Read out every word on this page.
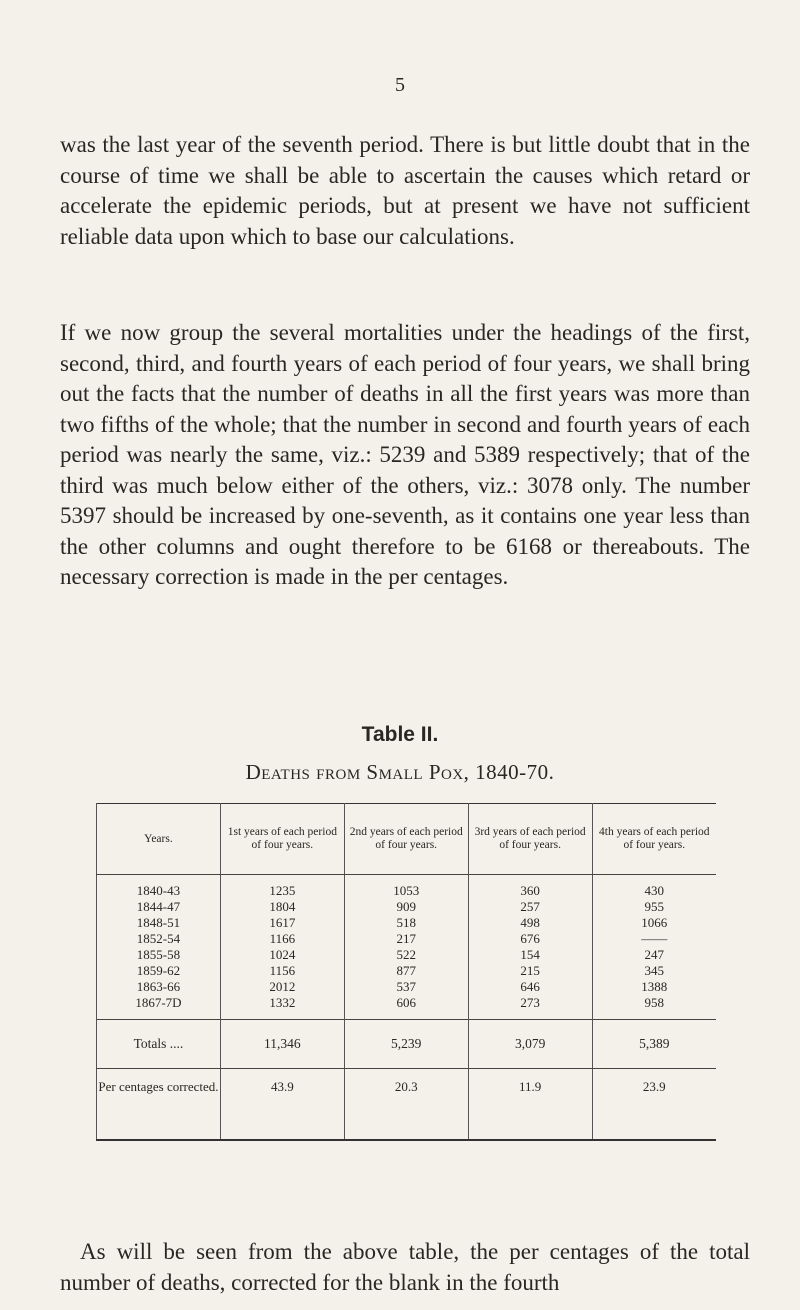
5

was the last year of the seventh period. There is but little doubt that in the course of time we shall be able to ascertain the causes which retard or accelerate the epidemic periods, but at present we have not sufficient reliable data upon which to base our calculations.

If we now group the several mortalities under the headings of the first, second, third, and fourth years of each period of four years, we shall bring out the facts that the number of deaths in all the first years was more than two fifths of the whole; that the number in second and fourth years of each period was nearly the same, viz.: 5239 and 5389 respectively; that of the third was much below either of the others, viz.: 3078 only. The number 5397 should be increased by one-seventh, as it contains one year less than the other columns and ought therefore to be 6168 or thereabouts. The necessary correction is made in the per centages.

Table II.
Deaths from Small Pox, 1840-70.
Years.	1st years of each period of four years.	2nd years of each period of four years.	3rd years of each period of four years.	4th years of each period of four years.
1840-43	1235	1053	360	430
1844-47	1804	909	257	955
1848-51	1617	518	498	1066
1852-54	1166	217	676	——
1855-58	1024	522	154	247
1859-62	1156	877	215	345
1863-66	2012	537	646	1388
1867-7D	1332	606	273	958
Totals ....	11,346	5,239	3,079	5,389
Per centages corrected.	43.9	20.3	11.9	23.9

As will be seen from the above table, the per centages of the total number of deaths, corrected for the blank in the fourth
